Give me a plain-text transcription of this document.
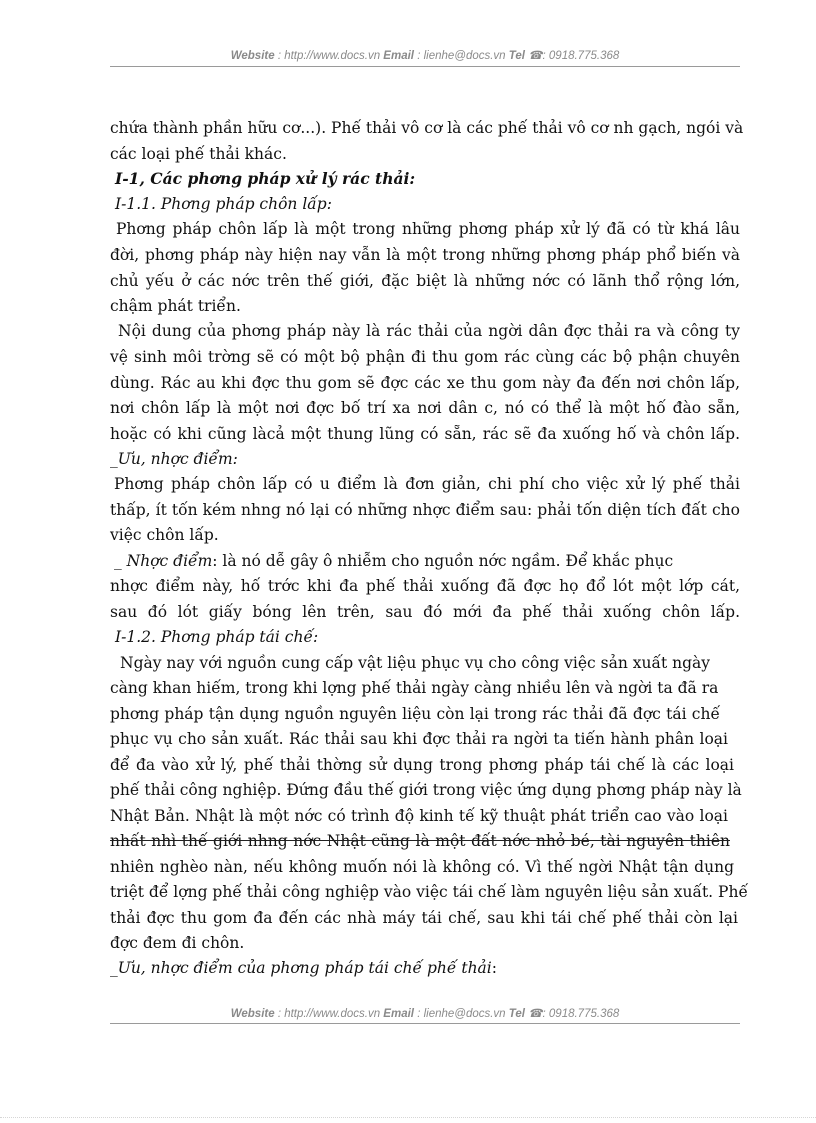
Website : http://www.docs.vn Email : lienhe@docs.vn Tel ☎: 0918.775.368
chứa thành phần hữu cơ...). Phế thải vô cơ là các phế thải vô cơ nh gạch, ngói và
các loại phế thải khác.
I-1, Các phơng pháp xử lý rác thải:
I-1.1. Phơng pháp chôn lấp:
Phơng pháp chôn lấp là một trong những phơng pháp xử lý đã có từ khá lâu
đời, phơng pháp này hiện nay vẫn là một trong những phơng pháp phổ biến và
chủ yếu ở các nớc trên thế giới, đặc biệt là những nớc có lãnh thổ rộng lớn,
chậm phát triển.
Nội dung của phơng pháp này là rác thải của ngời dân đợc thải ra và công ty
vệ sinh môi trờng sẽ có một bộ phận đi thu gom rác cùng các bộ phận chuyên
dùng. Rác au khi đợc thu gom sẽ đợc các xe thu gom này đa đến nơi chôn lấp,
nơi chôn lấp là một nơi đợc bố trí xa nơi dân c, nó có thể là một hố đào sẵn,
hoặc có khi cũng làcả một thung lũng có sẵn, rác sẽ đa xuống hố và chôn lấp.
_Ưu, nhợc điểm:
Phơng pháp chôn lấp có u điểm là đơn giản, chi phí cho việc xử lý phế thải
thấp, ít tốn kém nhng nó lại có những nhợc điểm sau: phải tốn diện tích đất cho
việc chôn lấp.
_ Nhợc điểm: là nó dễ gây ô nhiễm cho nguồn nớc ngầm. Để khắc phục
nhợc điểm này, hố trớc khi đa phế thải xuống đã đợc họ đổ lót một lớp cát,
sau đó lót giấy bóng lên trên, sau đó mới đa phế thải xuống chôn lấp.
I-1.2. Phơng pháp tái chế:
Ngày nay với nguồn cung cấp vật liệu phục vụ cho công việc sản xuất ngày
càng khan hiếm, trong khi lợng phế thải ngày càng nhiều lên và ngời ta đã ra
phơng pháp tận dụng nguồn nguyên liệu còn lại trong rác thải đã đợc tái chế
phục vụ cho sản xuất. Rác thải sau khi đợc thải ra ngời ta tiến hành phân loại
để đa vào xử lý, phế thải thờng sử dụng trong phơng pháp tái chế là các loại
phế thải công nghiệp. Đứng đầu thế giới trong việc ứng dụng phơng pháp này là
Nhật Bản. Nhật là một nớc có trình độ kinh tế kỹ thuật phát triển cao vào loại
nhất nhì thế giới nhng nớc Nhật cũng là một đất nớc nhỏ bé, tài nguyên thiên
nhiên nghèo nàn, nếu không muốn nói là không có. Vì thế ngời Nhật tận dụng
triệt để lợng phế thải công nghiệp vào việc tái chế làm nguyên liệu sản xuất. Phế
thải đợc thu gom đa đến các nhà máy tái chế, sau khi tái chế phế thải còn lại
đợc đem đi chôn.
_Ưu, nhợc điểm của phơng pháp tái chế phế thải:
Website : http://www.docs.vn Email : lienhe@docs.vn Tel ☎: 0918.775.368
